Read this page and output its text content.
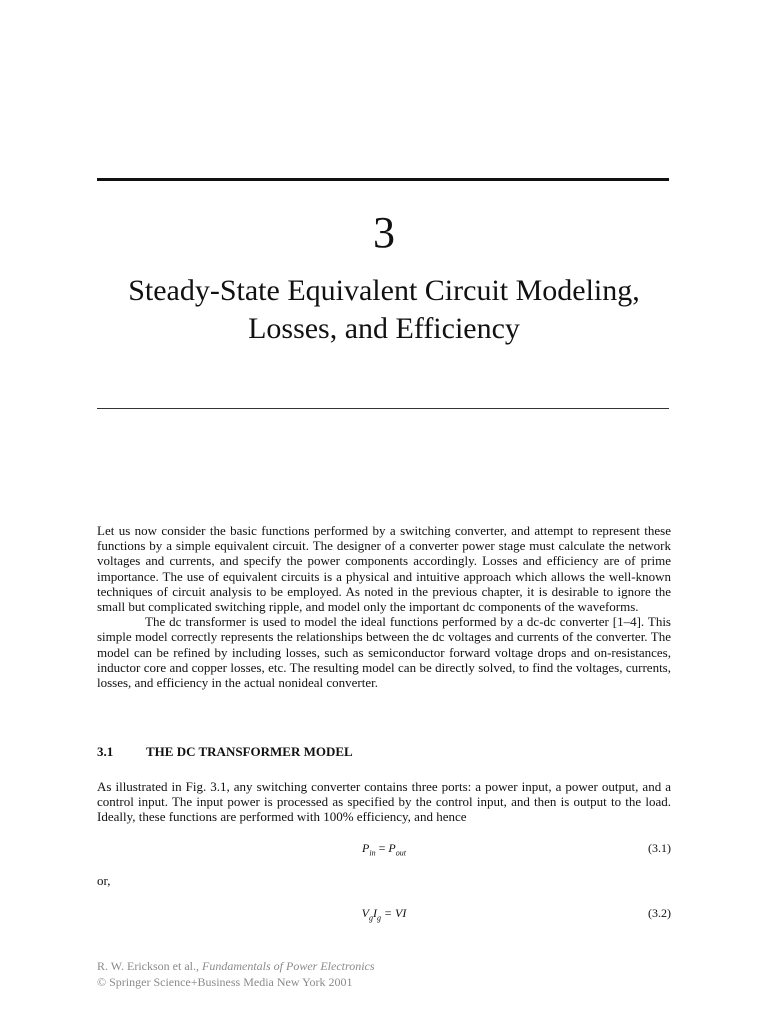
3
Steady-State Equivalent Circuit Modeling,
Losses, and Efficiency

Let us now consider the basic functions performed by a switching converter, and attempt to represent these functions by a simple equivalent circuit. The designer of a converter power stage must calculate the network voltages and currents, and specify the power components accordingly. Losses and efficiency are of prime importance. The use of equivalent circuits is a physical and intuitive approach which allows the well-known techniques of circuit analysis to be employed. As noted in the previous chapter, it is desirable to ignore the small but complicated switching ripple, and model only the important dc components of the waveforms.

The dc transformer is used to model the ideal functions performed by a dc-dc converter [1–4]. This simple model correctly represents the relationships between the dc voltages and currents of the converter. The model can be refined by including losses, such as semiconductor forward voltage drops and on-resistances, inductor core and copper losses, etc. The resulting model can be directly solved, to find the voltages, currents, losses, and efficiency in the actual nonideal converter.

3.1	THE DC TRANSFORMER MODEL

As illustrated in Fig. 3.1, any switching converter contains three ports: a power input, a power output, and a control input. The input power is processed as specified by the control input, and then is output to the load. Ideally, these functions are performed with 100% efficiency, and hence

$P_{in} = P_{out}$	(3.1)
or,
$V_gI_g$ = VI	(3.2)
R. W. Erickson et al., Fundamentals of Power Electronics
© Springer Science+Business Media New York 2001
